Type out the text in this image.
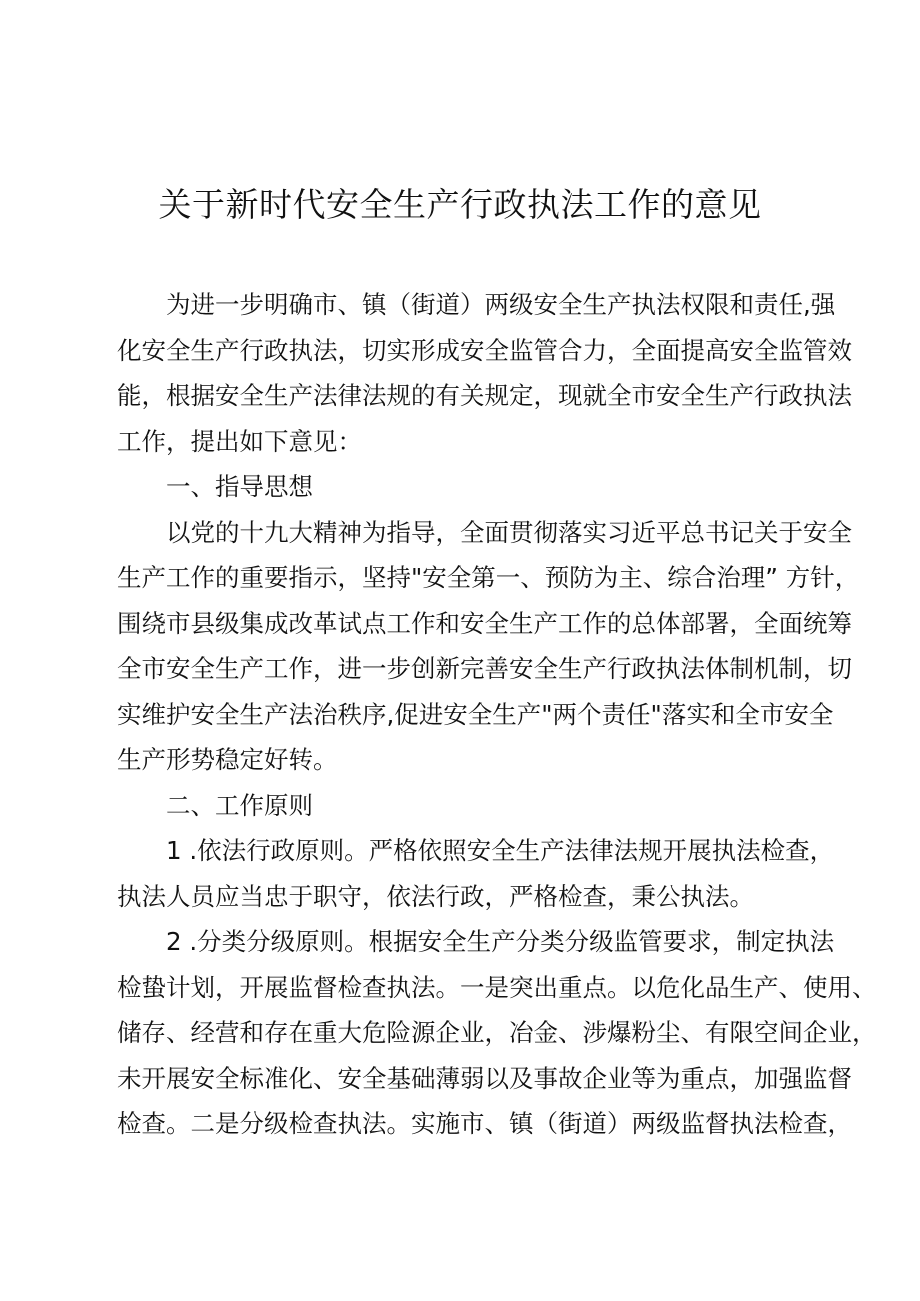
关于新时代安全生产行政执法工作的意见
为进一步明确市、镇（街道）两级安全生产执法权限和责任,强
化安全生产行政执法，切实形成安全监管合力，全面提高安全监管效
能，根据安全生产法律法规的有关规定，现就全市安全生产行政执法
工作，提出如下意见：
一、指导思想
以党的十九大精神为指导，全面贯彻落实习近平总书记关于安全
生产工作的重要指示，坚持"安全第一、预防为主、综合治理” 方针，
围绕市县级集成改革试点工作和安全生产工作的总体部署，全面统筹
全市安全生产工作，进一步创新完善安全生产行政执法体制机制，切
实维护安全生产法治秩序,促进安全生产"两个责任"落实和全市安全
生产形势稳定好转。
二、工作原则
1 .依法行政原则。严格依照安全生产法律法规开展执法检查，
执法人员应当忠于职守，依法行政，严格检查，秉公执法。
2 .分类分级原则。根据安全生产分类分级监管要求，制定执法
检蛰计划，开展监督检查执法。一是突出重点。以危化品生产、使用、
储存、经营和存在重大危险源企业，冶金、涉爆粉尘、有限空间企业，
未开展安全标准化、安全基础薄弱以及事故企业等为重点，加强监督
检查。二是分级检查执法。实施市、镇（街道）两级监督执法检查，
